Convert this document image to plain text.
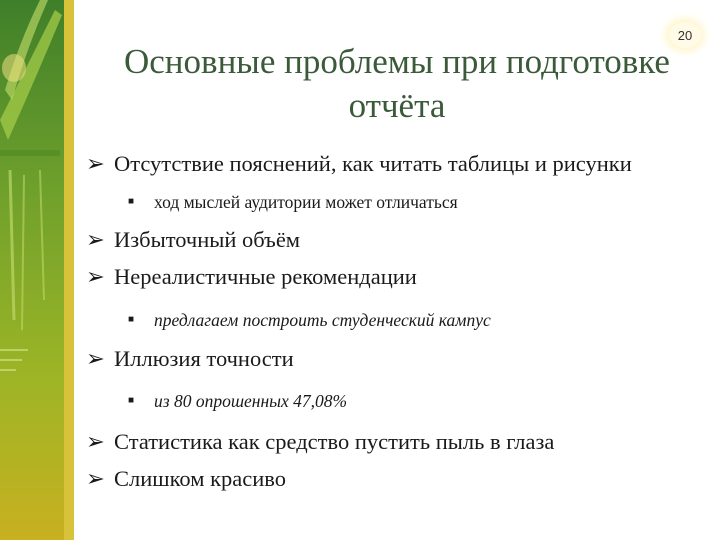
20
Основные проблемы при подготовке отчёта
➢ Отсутствие пояснений, как читать таблицы и рисунки
■ ход мыслей аудитории может отличаться
➢ Избыточный объём
➢ Нереалистичные рекомендации
■ предлагаем построить студенческий кампус
➢ Иллюзия точности
■ из 80 опрошенных 47,08%
➢ Статистика как средство пустить пыль в глаза
➢ Слишком красиво
